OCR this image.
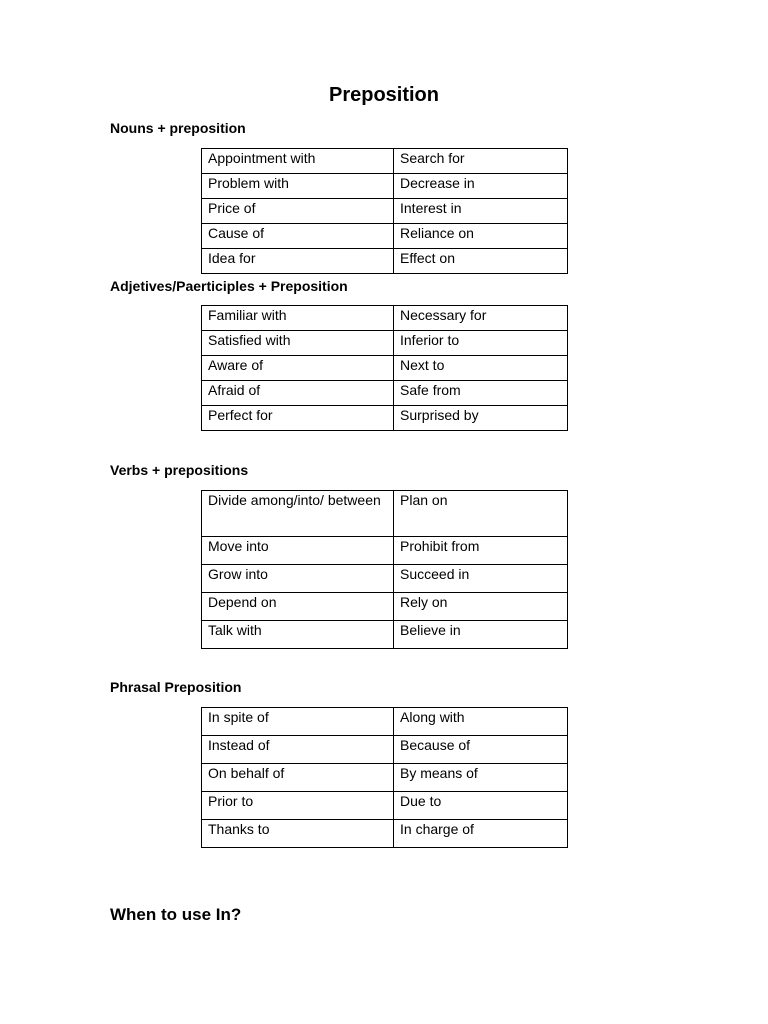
Preposition
Nouns + preposition
Appointment with	Search for
Problem with	Decrease in
Price of	Interest in
Cause of	Reliance on
Idea for	Effect on
Adjetives/Paerticiples + Preposition
Familiar with	Necessary for
Satisfied with	Inferior to
Aware of	Next to
Afraid of	Safe from
Perfect for	Surprised by
Verbs + prepositions
Divide among/into/ between	Plan on
Move into	Prohibit from
Grow into	Succeed in
Depend on	Rely on
Talk with	Believe in
Phrasal Preposition
In spite of	Along with
Instead of	Because of
On behalf of	By means of
Prior to	Due to
Thanks to	In charge of
When to use In?
